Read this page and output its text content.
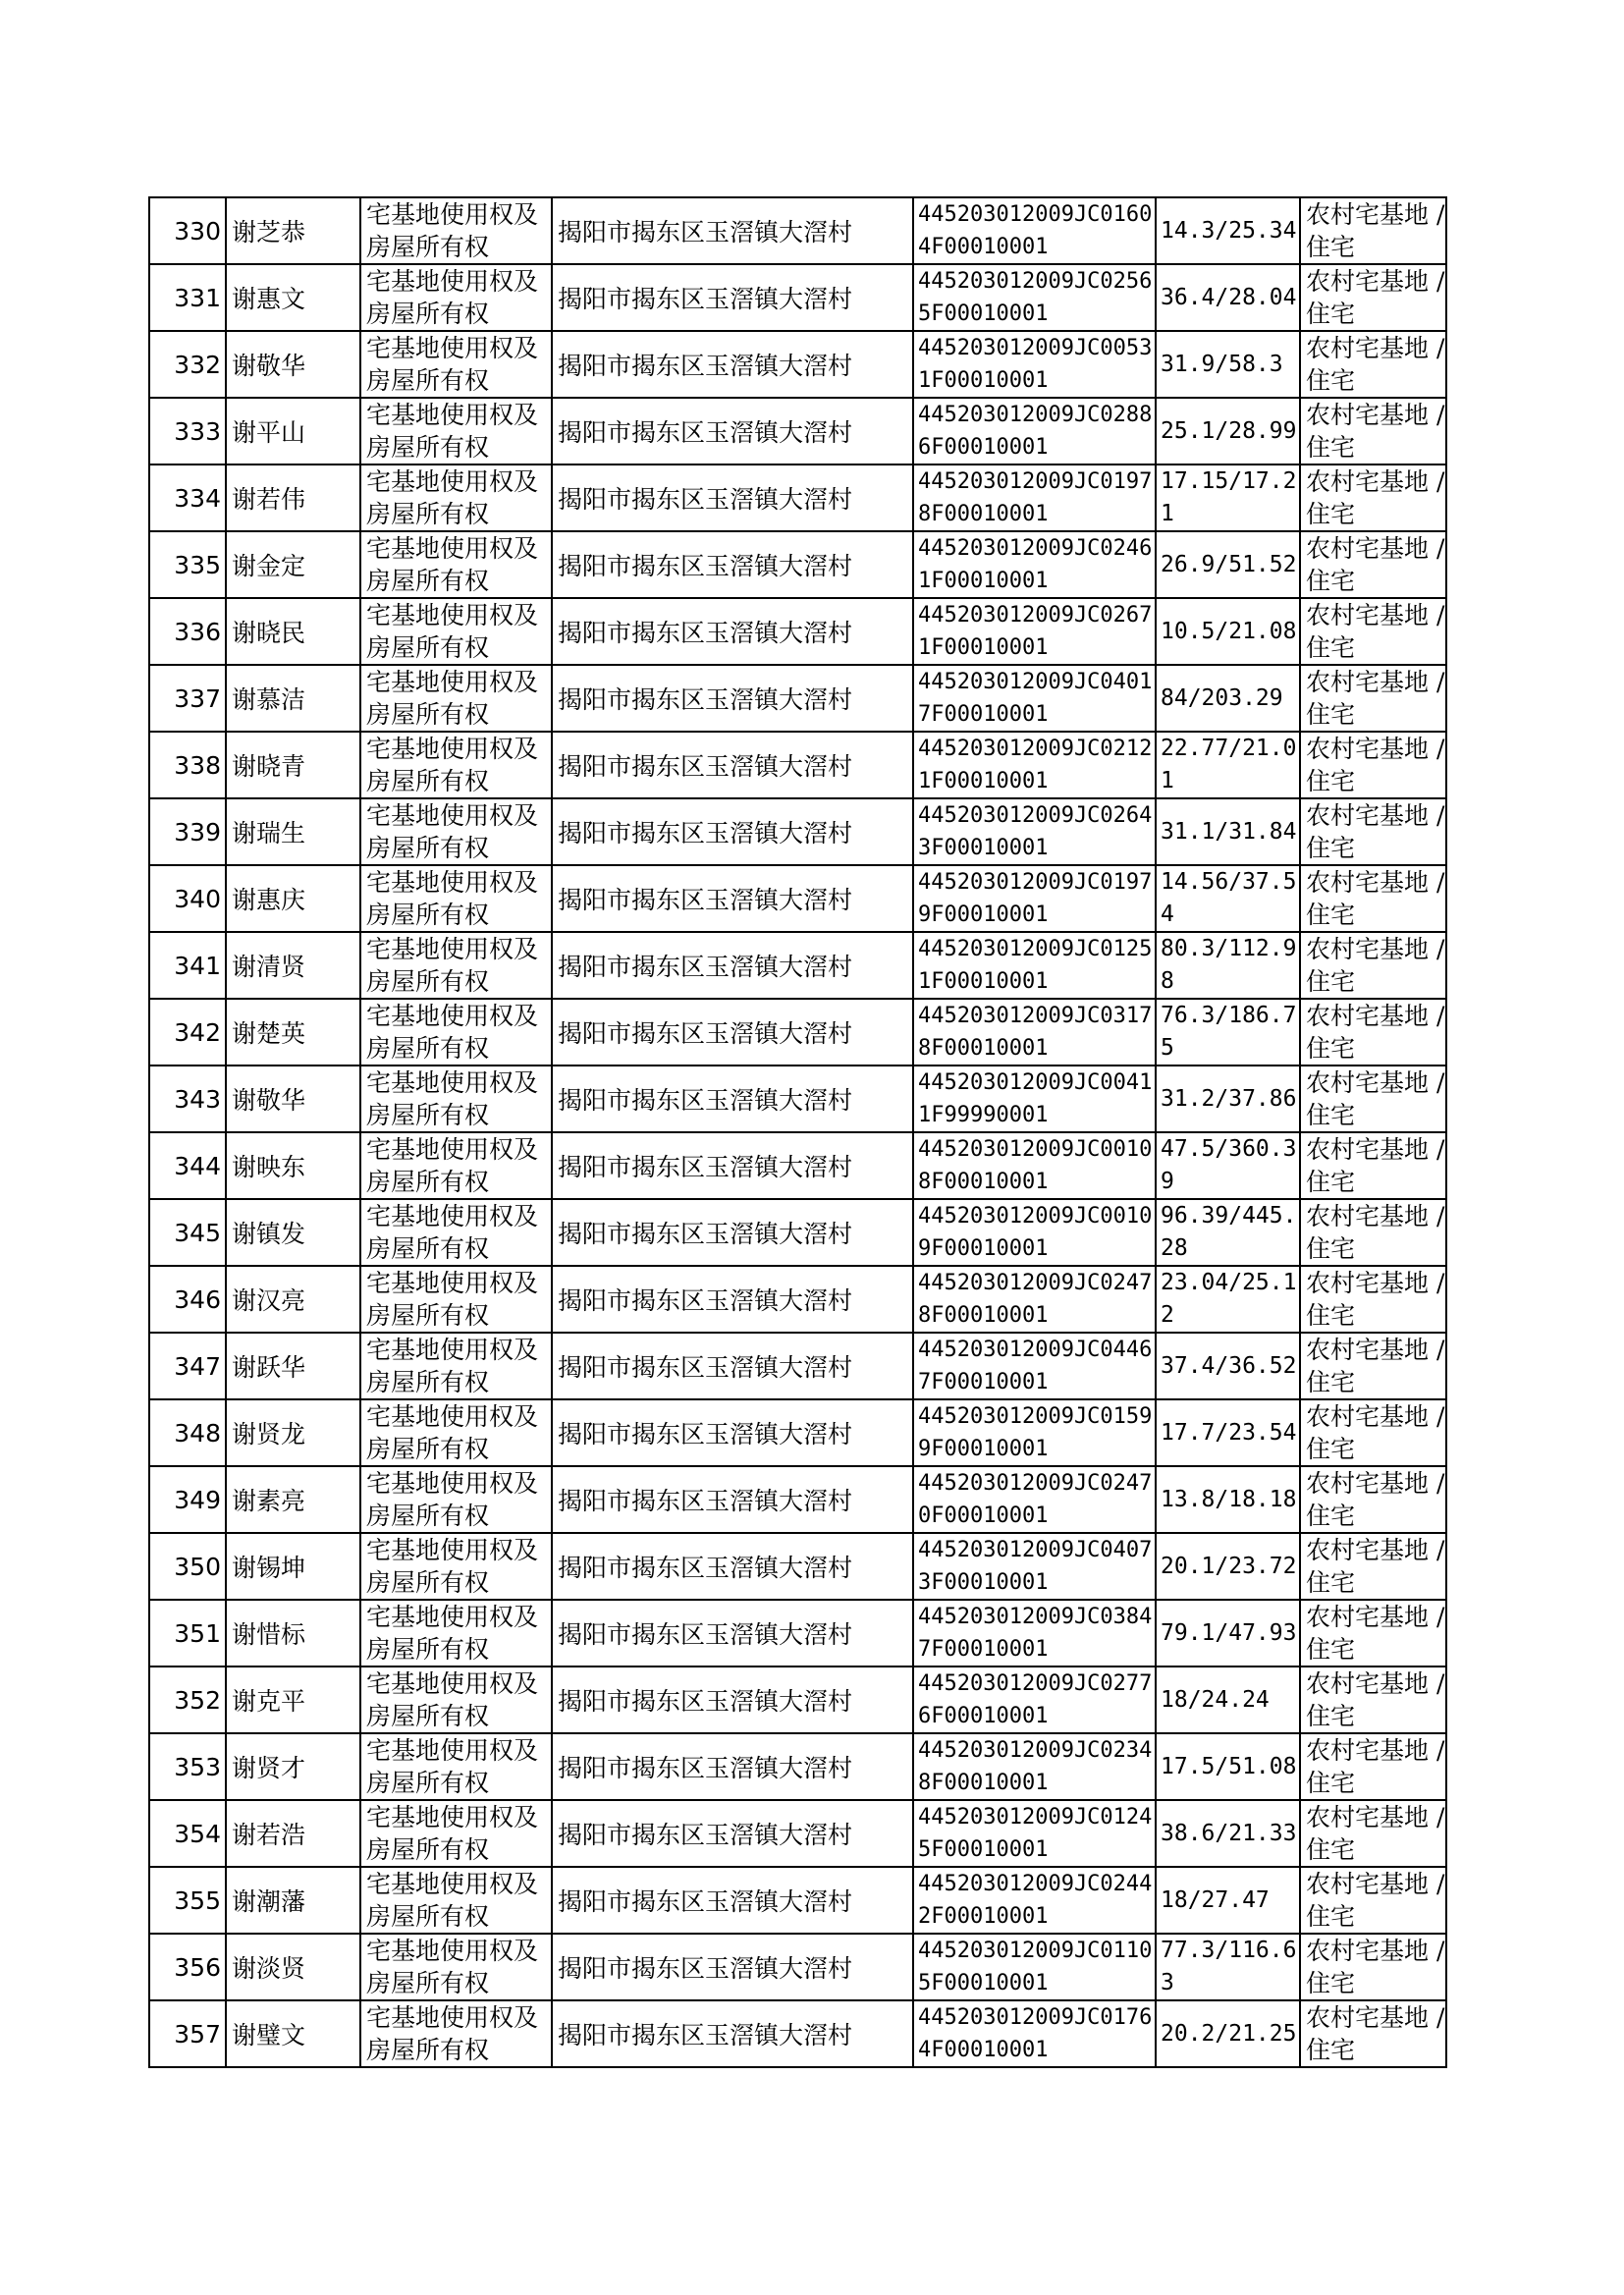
330	谢芝恭	宅基地使用权及房屋所有权	揭阳市揭东区玉滘镇大滘村	445203012009JC01604F00010001	14.3/25.34	农村宅基地 / 住宅

331	谢惠文	宅基地使用权及房屋所有权	揭阳市揭东区玉滘镇大滘村	445203012009JC02565F00010001	36.4/28.04	农村宅基地 / 住宅

332	谢敬华	宅基地使用权及房屋所有权	揭阳市揭东区玉滘镇大滘村	445203012009JC00531F00010001	31.9/58.3	农村宅基地 / 住宅

333	谢平山	宅基地使用权及房屋所有权	揭阳市揭东区玉滘镇大滘村	445203012009JC02886F00010001	25.1/28.99	农村宅基地 / 住宅

334	谢若伟	宅基地使用权及房屋所有权	揭阳市揭东区玉滘镇大滘村	445203012009JC01978F00010001	17.15/17.21	农村宅基地 / 住宅

335	谢金定	宅基地使用权及房屋所有权	揭阳市揭东区玉滘镇大滘村	445203012009JC02461F00010001	26.9/51.52	农村宅基地 / 住宅

336	谢晓民	宅基地使用权及房屋所有权	揭阳市揭东区玉滘镇大滘村	445203012009JC02671F00010001	10.5/21.08	农村宅基地 / 住宅

337	谢慕洁	宅基地使用权及房屋所有权	揭阳市揭东区玉滘镇大滘村	445203012009JC04017F00010001	84/203.29	农村宅基地 / 住宅

338	谢晓青	宅基地使用权及房屋所有权	揭阳市揭东区玉滘镇大滘村	445203012009JC02121F00010001	22.77/21.01	农村宅基地 / 住宅

339	谢瑞生	宅基地使用权及房屋所有权	揭阳市揭东区玉滘镇大滘村	445203012009JC02643F00010001	31.1/31.84	农村宅基地 / 住宅

340	谢惠庆	宅基地使用权及房屋所有权	揭阳市揭东区玉滘镇大滘村	445203012009JC01979F00010001	14.56/37.54	农村宅基地 / 住宅

341	谢清贤	宅基地使用权及房屋所有权	揭阳市揭东区玉滘镇大滘村	445203012009JC01251F00010001	80.3/112.98	农村宅基地 / 住宅

342	谢楚英	宅基地使用权及房屋所有权	揭阳市揭东区玉滘镇大滘村	445203012009JC03178F00010001	76.3/186.75	农村宅基地 / 住宅

343	谢敬华	宅基地使用权及房屋所有权	揭阳市揭东区玉滘镇大滘村	445203012009JC00411F99990001	31.2/37.86	农村宅基地 / 住宅

344	谢映东	宅基地使用权及房屋所有权	揭阳市揭东区玉滘镇大滘村	445203012009JC00108F00010001	47.5/360.39	农村宅基地 / 住宅

345	谢镇发	宅基地使用权及房屋所有权	揭阳市揭东区玉滘镇大滘村	445203012009JC00109F00010001	96.39/445.28	农村宅基地 / 住宅

346	谢汉亮	宅基地使用权及房屋所有权	揭阳市揭东区玉滘镇大滘村	445203012009JC02478F00010001	23.04/25.12	农村宅基地 / 住宅

347	谢跃华	宅基地使用权及房屋所有权	揭阳市揭东区玉滘镇大滘村	445203012009JC04467F00010001	37.4/36.52	农村宅基地 / 住宅

348	谢贤龙	宅基地使用权及房屋所有权	揭阳市揭东区玉滘镇大滘村	445203012009JC01599F00010001	17.7/23.54	农村宅基地 / 住宅

349	谢素亮	宅基地使用权及房屋所有权	揭阳市揭东区玉滘镇大滘村	445203012009JC02470F00010001	13.8/18.18	农村宅基地 / 住宅

350	谢锡坤	宅基地使用权及房屋所有权	揭阳市揭东区玉滘镇大滘村	445203012009JC04073F00010001	20.1/23.72	农村宅基地 / 住宅

351	谢惜标	宅基地使用权及房屋所有权	揭阳市揭东区玉滘镇大滘村	445203012009JC03847F00010001	79.1/47.93	农村宅基地 / 住宅

352	谢克平	宅基地使用权及房屋所有权	揭阳市揭东区玉滘镇大滘村	445203012009JC02776F00010001	18/24.24	农村宅基地 / 住宅

353	谢贤才	宅基地使用权及房屋所有权	揭阳市揭东区玉滘镇大滘村	445203012009JC02348F00010001	17.5/51.08	农村宅基地 / 住宅

354	谢若浩	宅基地使用权及房屋所有权	揭阳市揭东区玉滘镇大滘村	445203012009JC01245F00010001	38.6/21.33	农村宅基地 / 住宅

355	谢潮藩	宅基地使用权及房屋所有权	揭阳市揭东区玉滘镇大滘村	445203012009JC02442F00010001	18/27.47	农村宅基地 / 住宅

356	谢淡贤	宅基地使用权及房屋所有权	揭阳市揭东区玉滘镇大滘村	445203012009JC01105F00010001	77.3/116.63	农村宅基地 / 住宅

357	谢璧文	宅基地使用权及房屋所有权	揭阳市揭东区玉滘镇大滘村	445203012009JC01764F00010001	20.2/21.25	农村宅基地 / 住宅
